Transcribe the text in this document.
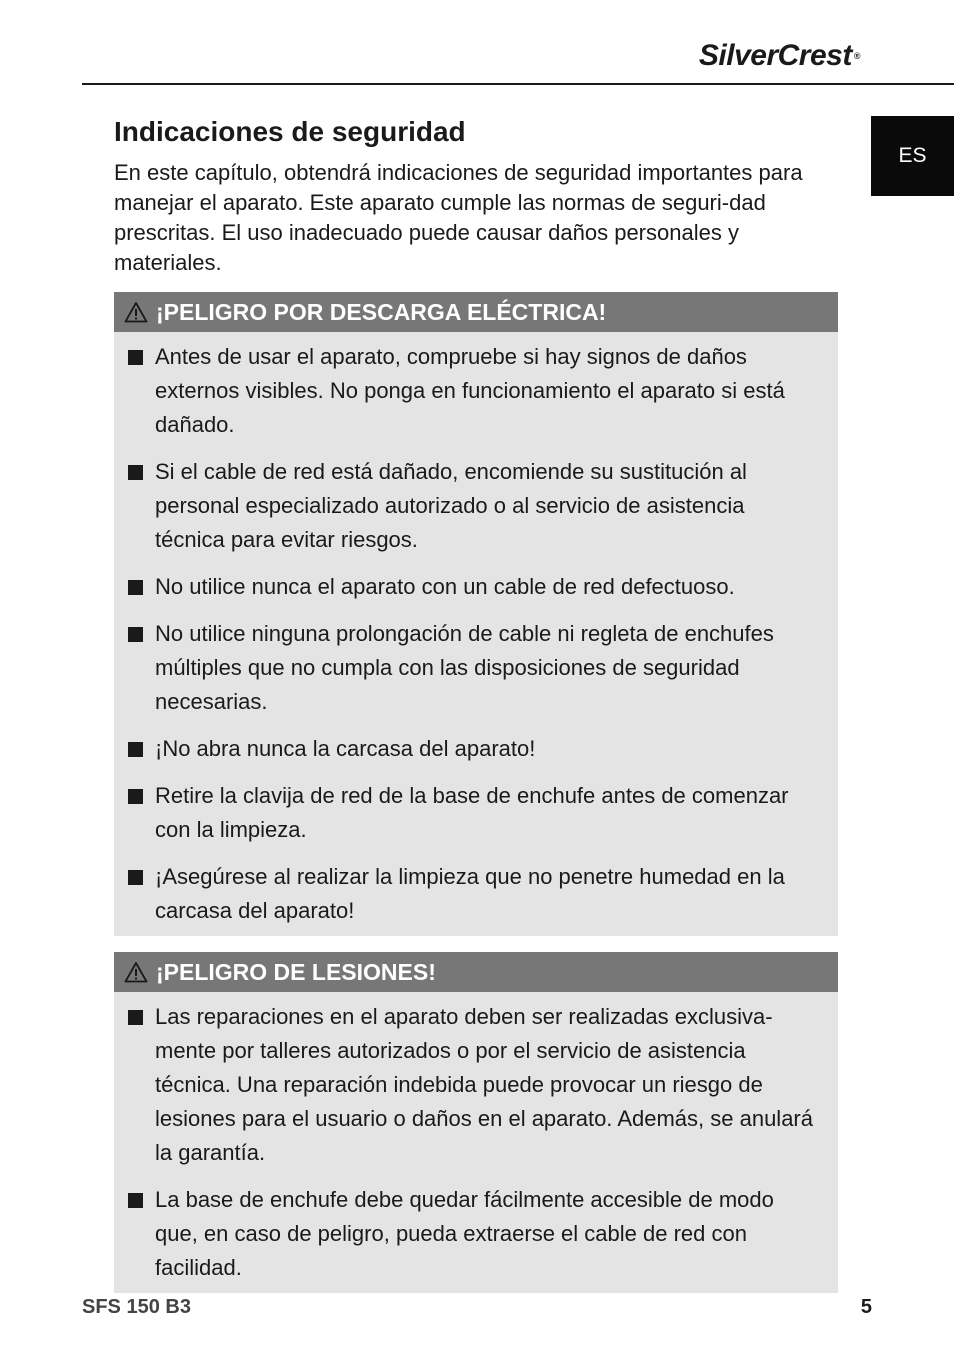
SilverCrest ®
ES
Indicaciones de seguridad

En este capítulo, obtendrá indicaciones de seguridad importantes para manejar el aparato. Este aparato cumple las normas de seguri-dad prescritas. El uso inadecuado puede causar daños personales y materiales.

¡PELIGRO POR DESCARGA ELÉCTRICA!
Antes de usar el aparato, compruebe si hay signos de daños externos visibles. No ponga en funcionamiento el aparato si está dañado.
Si el cable de red está dañado, encomiende su sustitución al personal especializado autorizado o al servicio de asistencia técnica para evitar riesgos.
No utilice nunca el aparato con un cable de red defectuoso.
No utilice ninguna prolongación de cable ni regleta de enchufes múltiples que no cumpla con las disposiciones de seguridad necesarias.
¡No abra nunca la carcasa del aparato!
Retire la clavija de red de la base de enchufe antes de comenzar con la limpieza.
¡Asegúrese al realizar la limpieza que no penetre humedad en la carcasa del aparato!
¡PELIGRO DE LESIONES!
Las reparaciones en el aparato deben ser realizadas exclusiva-mente por talleres autorizados o por el servicio de asistencia técnica. Una reparación indebida puede provocar un riesgo de lesiones para el usuario o daños en el aparato. Además, se anulará la garantía.
La base de enchufe debe quedar fácilmente accesible de modo que, en caso de peligro, pueda extraerse el cable de red con facilidad.
SFS 150 B3	5
